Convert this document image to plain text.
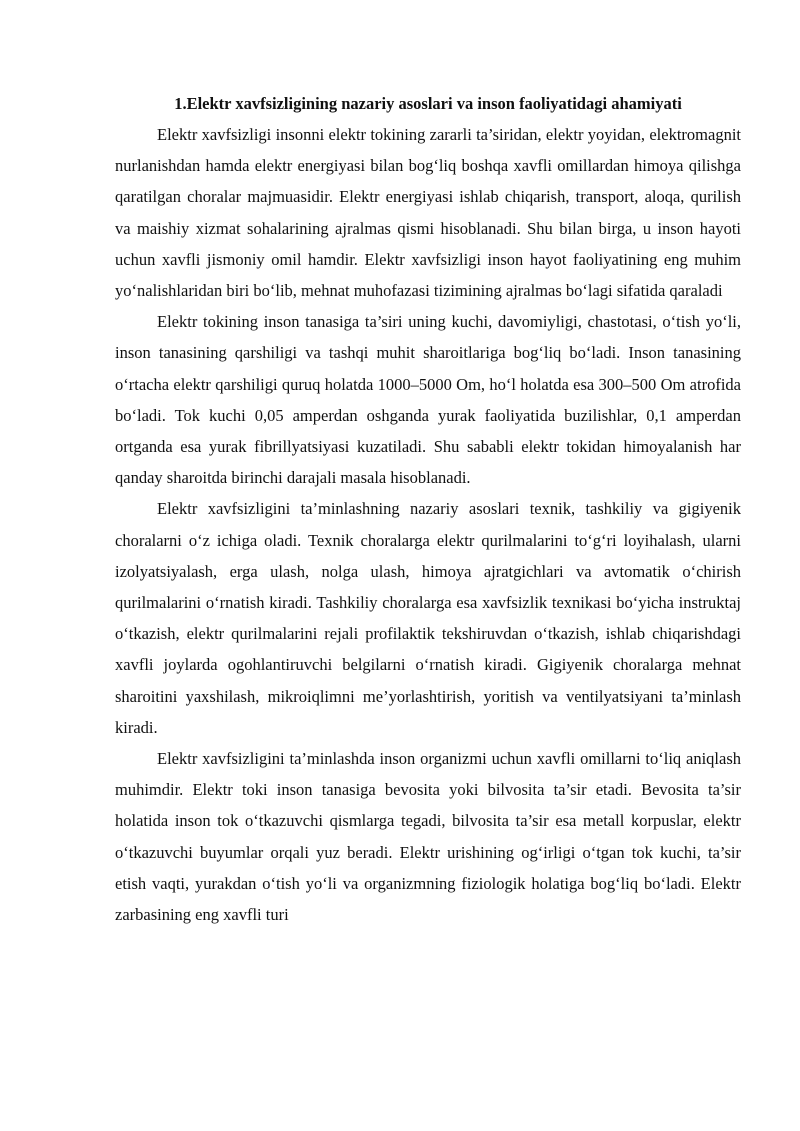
1.Elektr xavfsizligining nazariy asoslari va inson faoliyatidagi ahamiyati

Elektr xavfsizligi insonni elektr tokining zararli ta’siridan, elektr yoyidan, elektromagnit nurlanishdan hamda elektr energiyasi bilan bog‘liq boshqa xavfli omillardan himoya qilishga qaratilgan choralar majmuasidir. Elektr energiyasi ishlab chiqarish, transport, aloqa, qurilish va maishiy xizmat sohalarining ajralmas qismi hisoblanadi. Shu bilan birga, u inson hayoti uchun xavfli jismoniy omil hamdir. Elektr xavfsizligi inson hayot faoliyatining eng muhim yo‘nalishlaridan biri bo‘lib, mehnat muhofazasi tizimining ajralmas bo‘lagi sifatida qaraladi

Elektr tokining inson tanasiga ta’siri uning kuchi, davomiyligi, chastotasi, o‘tish yo‘li, inson tanasining qarshiligi va tashqi muhit sharoitlariga bog‘liq bo‘ladi. Inson tanasining o‘rtacha elektr qarshiligi quruq holatda 1000–5000 Om, ho‘l holatda esa 300–500 Om atrofida bo‘ladi. Tok kuchi 0,05 amperdan oshganda yurak faoliyatida buzilishlar, 0,1 amperdan ortganda esa yurak fibrillyatsiyasi kuzatiladi. Shu sababli elektr tokidan himoyalanish har qanday sharoitda birinchi darajali masala hisoblanadi.

Elektr xavfsizligini ta’minlashning nazariy asoslari texnik, tashkiliy va gigiyenik choralarni o‘z ichiga oladi. Texnik choralarga elektr qurilmalarini to‘g‘ri loyihalash, ularni izolyatsiyalash, erga ulash, nolga ulash, himoya ajratgichlari va avtomatik o‘chirish qurilmalarini o‘rnatish kiradi. Tashkiliy choralarga esa xavfsizlik texnikasi bo‘yicha instruktaj o‘tkazish, elektr qurilmalarini rejali profilaktik tekshiruvdan o‘tkazish, ishlab chiqarishdagi xavfli joylarda ogohlantiruvchi belgilarni o‘rnatish kiradi. Gigiyenik choralarga mehnat sharoitini yaxshilash, mikroiqlimni me’yorlashtirish, yoritish va ventilyatsiyani ta’minlash kiradi.

Elektr xavfsizligini ta’minlashda inson organizmi uchun xavfli omillarni to‘liq aniqlash muhimdir. Elektr toki inson tanasiga bevosita yoki bilvosita ta’sir etadi. Bevosita ta’sir holatida inson tok o‘tkazuvchi qismlarga tegadi, bilvosita ta’sir esa metall korpuslar, elektr o‘tkazuvchi buyumlar orqali yuz beradi. Elektr urishining og‘irligi o‘tgan tok kuchi, ta’sir etish vaqti, yurakdan o‘tish yo‘li va organizmning fiziologik holatiga bog‘liq bo‘ladi. Elektr zarbasining eng xavfli turi
